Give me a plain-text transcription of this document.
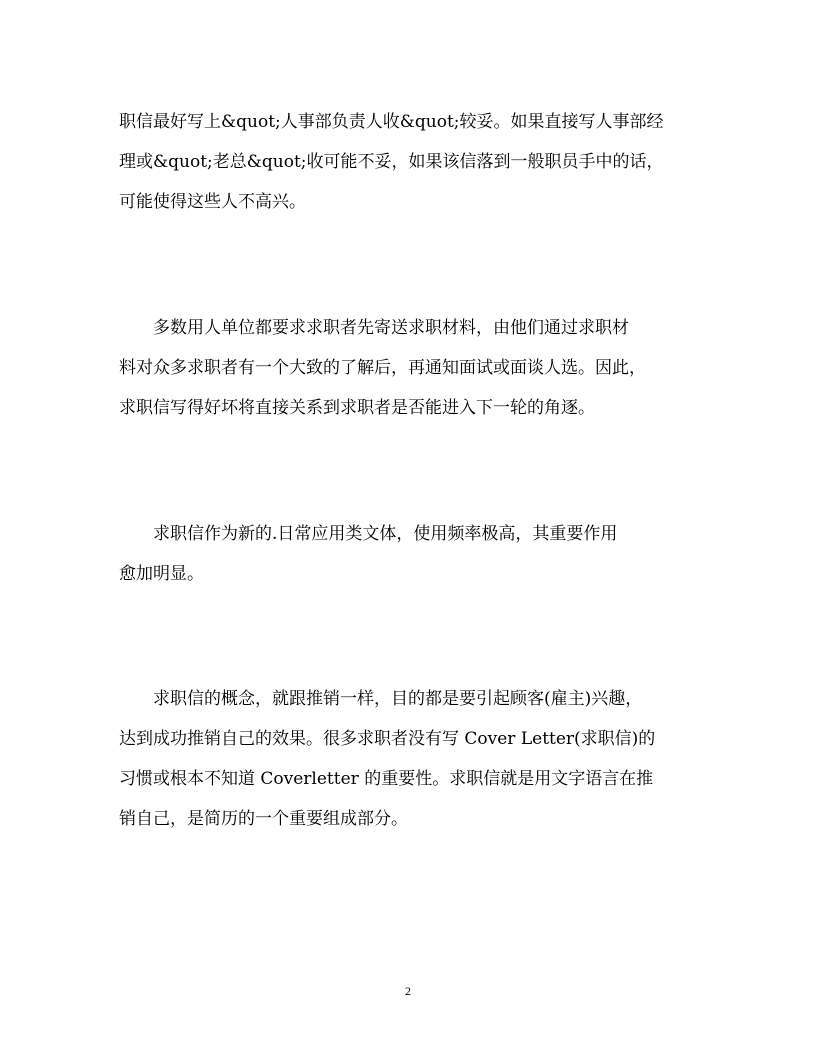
职信最好写上&quot;人事部负责人收&quot;较妥。如果直接写人事部经

理或&quot;老总&quot;收可能不妥，如果该信落到一般职员手中的话，

可能使得这些人不高兴。

　　多数用人单位都要求求职者先寄送求职材料，由他们通过求职材

料对众多求职者有一个大致的了解后，再通知面试或面谈人选。因此，

求职信写得好坏将直接关系到求职者是否能进入下一轮的角逐。

　　求职信作为新的.日常应用类文体，使用频率极高，其重要作用

愈加明显。

　　求职信的概念，就跟推销一样，目的都是要引起顾客(雇主)兴趣，

达到成功推销自己的效果。很多求职者没有写 Cover Letter(求职信)的

习惯或根本不知道 Coverletter 的重要性。求职信就是用文字语言在推

销自己，是简历的一个重要组成部分。

2
